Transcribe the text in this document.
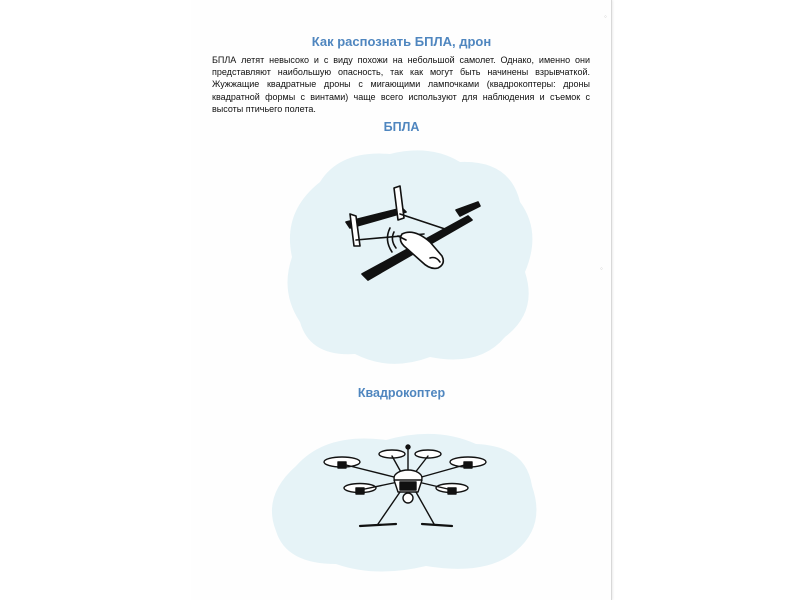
Как распознать БПЛА, дрон
БПЛА летят невысоко и с виду похожи на небольшой самолет. Однако, именно они представляют наибольшую опасность, так как могут быть начинены взрывчаткой. Жужжащие квадратные дроны с мигающими лампочками (квадрокоптеры: дроны квадратной формы с винтами) чаще всего используют для наблюдения и съемок с высоты птичьего полета.
БПЛА
Квадрокоптер
◦
◦
